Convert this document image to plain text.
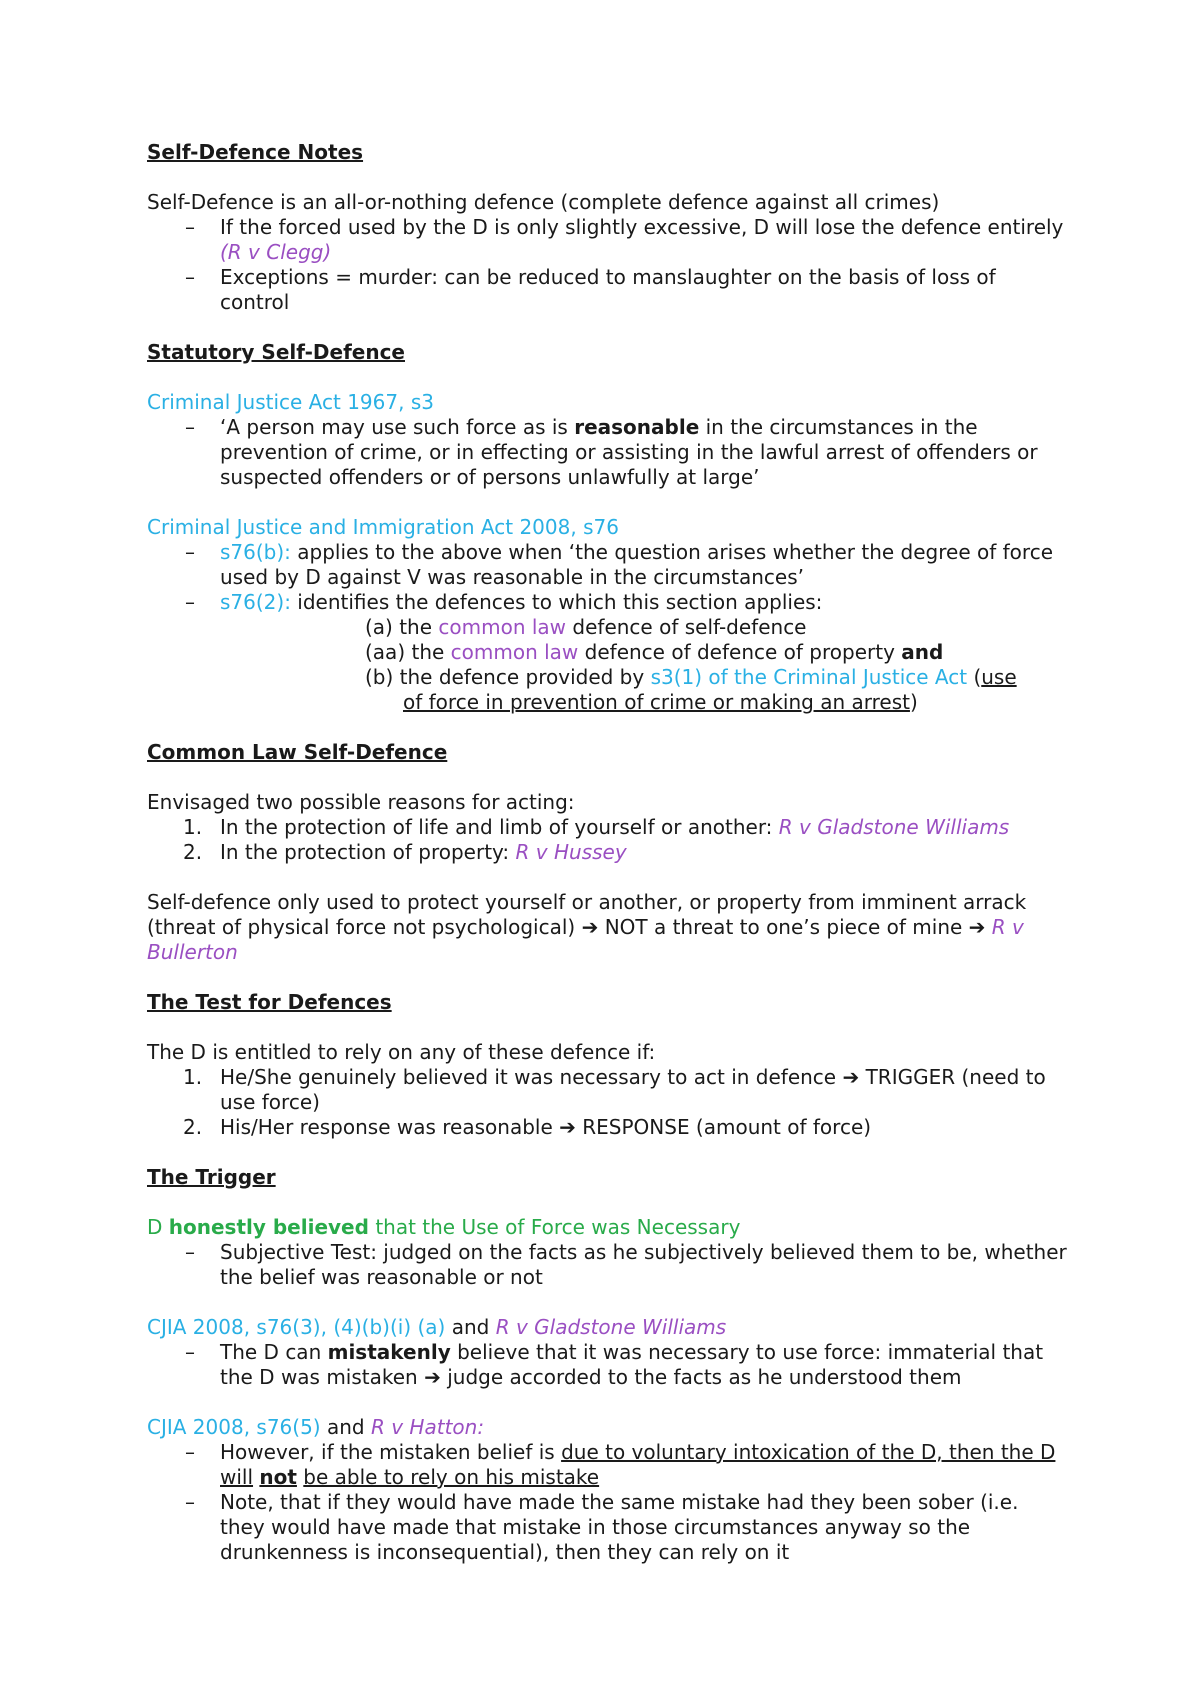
Self-Defence Notes

Self-Defence is an all-or-nothing defence (complete defence against all crimes)

– If the forced used by the D is only slightly excessive, D will lose the defence entirely (R v Clegg)

– Exceptions = murder: can be reduced to manslaughter on the basis of loss of control

Statutory Self-Defence

Criminal Justice Act 1967, s3

– ‘A person may use such force as is reasonable in the circumstances in the prevention of crime, or in effecting or assisting in the lawful arrest of offenders or suspected offenders or of persons unlawfully at large’

Criminal Justice and Immigration Act 2008, s76

– s76(b): applies to the above when ‘the question arises whether the degree of force used by D against V was reasonable in the circumstances’

– s76(2): identifies the defences to which this section applies:

(a) the common law defence of self-defence

(aa) the common law defence of defence of property and

(b) the defence provided by s3(1) of the Criminal Justice Act (use
of force in prevention of crime or making an arrest)

Common Law Self-Defence

Envisaged two possible reasons for acting:

1. In the protection of life and limb of yourself or another: R v Gladstone Williams

2. In the protection of property: R v Hussey

Self-defence only used to protect yourself or another, or property from imminent arrack (threat of physical force not psychological) ➔ NOT a threat to one’s piece of mine ➔ R v Bullerton

The Test for Defences

The D is entitled to rely on any of these defence if:

1. He/She genuinely believed it was necessary to act in defence ➔ TRIGGER (need to use force)

2. His/Her response was reasonable ➔ RESPONSE (amount of force)

The Trigger

D honestly believed that the Use of Force was Necessary

– Subjective Test: judged on the facts as he subjectively believed them to be, whether the belief was reasonable or not

CJIA 2008, s76(3), (4)(b)(i) (a) and R v Gladstone Williams

– The D can mistakenly believe that it was necessary to use force: immaterial that the D was mistaken ➔ judge accorded to the facts as he understood them

CJIA 2008, s76(5) and R v Hatton:

– However, if the mistaken belief is due to voluntary intoxication of the D, then the D will not be able to rely on his mistake

– Note, that if they would have made the same mistake had they been sober (i.e. they would have made that mistake in those circumstances anyway so the drunkenness is inconsequential), then they can rely on it
